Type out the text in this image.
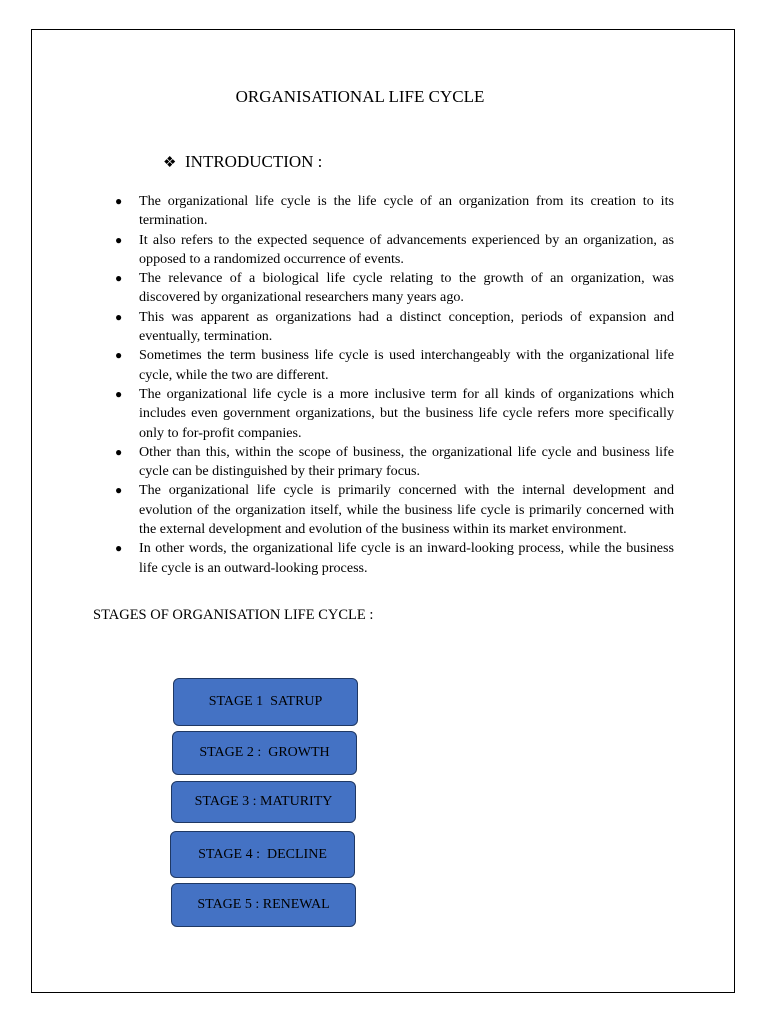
ORGANISATIONAL LIFE CYCLE
❖ INTRODUCTION :
● The organizational life cycle is the life cycle of an organization from its creation to its termination.
● It also refers to the expected sequence of advancements experienced by an organization, as opposed to a randomized occurrence of events.
● The relevance of a biological life cycle relating to the growth of an organization, was discovered by organizational researchers many years ago.
● This was apparent as organizations had a distinct conception, periods of expansion and eventually, termination.
● Sometimes the term business life cycle is used interchangeably with the organizational life cycle, while the two are different.
● The organizational life cycle is a more inclusive term for all kinds of organizations which includes even government organizations, but the business life cycle refers more specifically only to for-profit companies.
● Other than this, within the scope of business, the organizational life cycle and business life cycle can be distinguished by their primary focus.
● The organizational life cycle is primarily concerned with the internal development and evolution of the organization itself, while the business life cycle is primarily concerned with the external development and evolution of the business within its market environment.
● In other words, the organizational life cycle is an inward-looking process, while the business life cycle is an outward-looking process.
STAGES OF ORGANISATION LIFE CYCLE :
STAGE 1  SATRUP
STAGE 2 :  GROWTH
STAGE 3 : MATURITY
STAGE 4 :  DECLINE
STAGE 5 : RENEWAL
